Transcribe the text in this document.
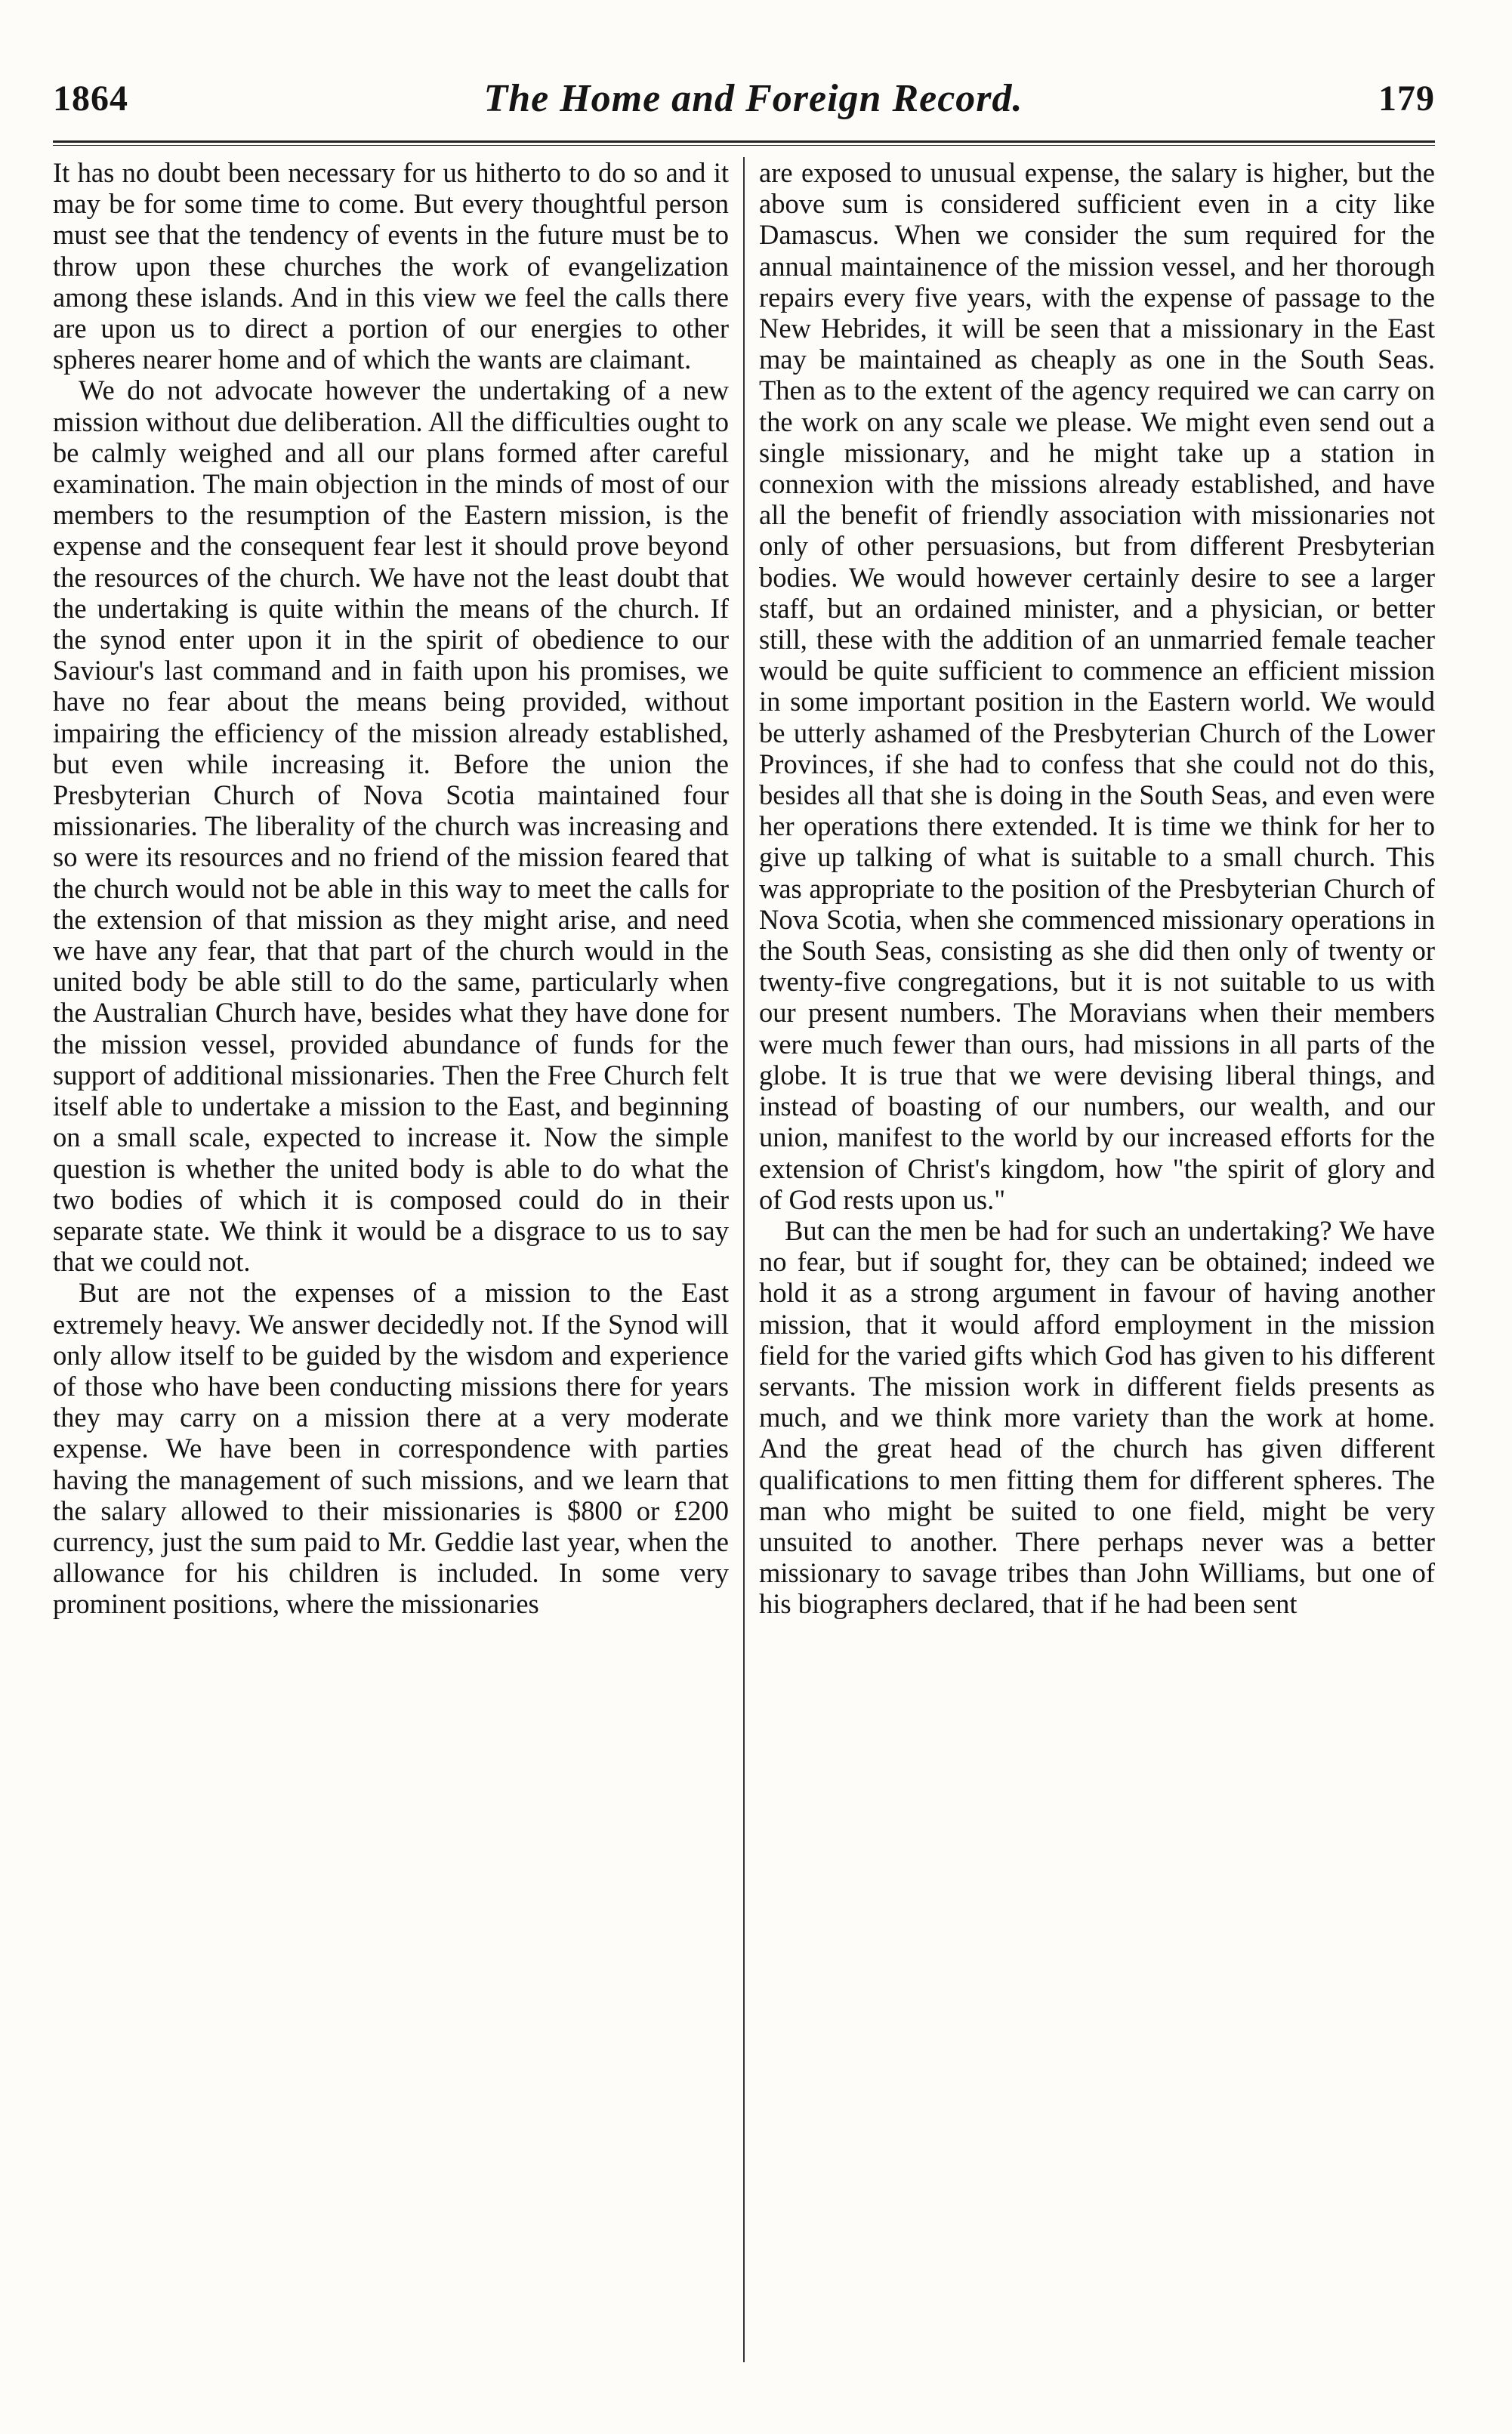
1864	The Home and Foreign Record.	179

It has no doubt been necessary for us hitherto to do so and it may be for some time to come. But every thoughtful person must see that the tendency of events in the future must be to throw upon these churches the work of evangelization among these islands. And in this view we feel the calls there are upon us to direct a portion of our energies to other spheres nearer home and of which the wants are claimant.

We do not advocate however the undertaking of a new mission without due deliberation. All the difficulties ought to be calmly weighed and all our plans formed after careful examination. The main objection in the minds of most of our members to the resumption of the Eastern mission, is the expense and the consequent fear lest it should prove beyond the resources of the church. We have not the least doubt that the undertaking is quite within the means of the church. If the synod enter upon it in the spirit of obedience to our Saviour's last command and in faith upon his promises, we have no fear about the means being provided, without impairing the efficiency of the mission already established, but even while increasing it. Before the union the Presbyterian Church of Nova Scotia maintained four missionaries. The liberality of the church was increasing and so were its resources and no friend of the mission feared that the church would not be able in this way to meet the calls for the extension of that mission as they might arise, and need we have any fear, that that part of the church would in the united body be able still to do the same, particularly when the Australian Church have, besides what they have done for the mission vessel, provided abundance of funds for the support of additional missionaries. Then the Free Church felt itself able to undertake a mission to the East, and beginning on a small scale, expected to increase it. Now the simple question is whether the united body is able to do what the two bodies of which it is composed could do in their separate state. We think it would be a disgrace to us to say that we could not.

But are not the expenses of a mission to the East extremely heavy. We answer decidedly not. If the Synod will only allow itself to be guided by the wisdom and experience of those who have been conducting missions there for years they may carry on a mission there at a very moderate expense. We have been in correspondence with parties having the management of such missions, and we learn that the salary allowed to their missionaries is $800 or £200 currency, just the sum paid to Mr. Geddie last year, when the allowance for his children is included. In some very prominent positions, where the missionaries

are exposed to unusual expense, the salary is higher, but the above sum is considered sufficient even in a city like Damascus. When we consider the sum required for the annual maintainence of the mission vessel, and her thorough repairs every five years, with the expense of passage to the New Hebrides, it will be seen that a missionary in the East may be maintained as cheaply as one in the South Seas. Then as to the extent of the agency required we can carry on the work on any scale we please. We might even send out a single missionary, and he might take up a station in connexion with the missions already established, and have all the benefit of friendly association with missionaries not only of other persuasions, but from different Presbyterian bodies. We would however certainly desire to see a larger staff, but an ordained minister, and a physician, or better still, these with the addition of an unmarried female teacher would be quite sufficient to commence an efficient mission in some important position in the Eastern world. We would be utterly ashamed of the Presbyterian Church of the Lower Provinces, if she had to confess that she could not do this, besides all that she is doing in the South Seas, and even were her operations there extended. It is time we think for her to give up talking of what is suitable to a small church. This was appropriate to the position of the Presbyterian Church of Nova Scotia, when she commenced missionary operations in the South Seas, consisting as she did then only of twenty or twenty-five congregations, but it is not suitable to us with our present numbers. The Moravians when their members were much fewer than ours, had missions in all parts of the globe. It is true that we were devising liberal things, and instead of boasting of our numbers, our wealth, and our union, manifest to the world by our increased efforts for the extension of Christ's kingdom, how "the spirit of glory and of God rests upon us."

But can the men be had for such an undertaking? We have no fear, but if sought for, they can be obtained; indeed we hold it as a strong argument in favour of having another mission, that it would afford employment in the mission field for the varied gifts which God has given to his different servants. The mission work in different fields presents as much, and we think more variety than the work at home. And the great head of the church has given different qualifications to men fitting them for different spheres. The man who might be suited to one field, might be very unsuited to another. There perhaps never was a better missionary to savage tribes than John Williams, but one of his biographers declared, that if he had been sent
